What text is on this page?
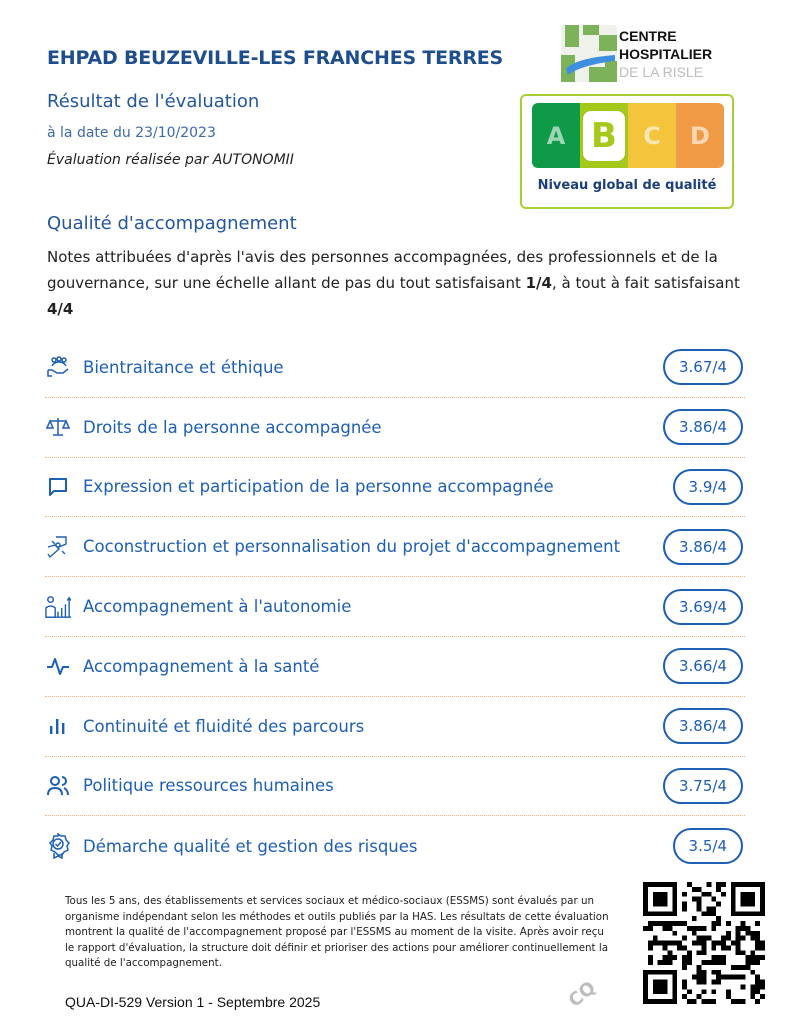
EHPAD BEUZEVILLE-LES FRANCHES TERRES
Résultat de l'évaluation
à la date du 23/10/2023
Évaluation réalisée par AUTONOMII
CENTRE
HOSPITALIER
DE LA RISLE
A B	C D
Niveau global de qualité
Qualité d'accompagnement
Notes attribuées d'après l'avis des personnes accompagnées, des professionnels et de la gouvernance, sur une échelle allant de pas du tout satisfaisant 1/4, à tout à fait satisfaisant 4/4
Bientraitance et éthique	3.67/4
Droits de la personne accompagnée	3.86/4
Expression et participation de la personne accompagnée	3.9/4
Coconstruction et personnalisation du projet d'accompagnement	3.86/4
Accompagnement à l'autonomie	3.69/4
Accompagnement à la santé	3.66/4
Continuité et fluidité des parcours	3.86/4
Politique ressources humaines	3.75/4
Démarche qualité et gestion des risques	3.5/4
Tous les 5 ans, des établissements et services sociaux et médico-sociaux (ESSMS) sont évalués par un organisme indépendant selon les méthodes et outils publiés par la HAS. Les résultats de cette évaluation montrent la qualité de l'accompagnement proposé par l'ESSMS au moment de la visite. Après avoir reçu le rapport d'évaluation, la structure doit définir et prioriser des actions pour améliorer continuellement la qualité de l'accompagnement.
QUA-DI-529 Version 1 - Septembre 2025	CQ
